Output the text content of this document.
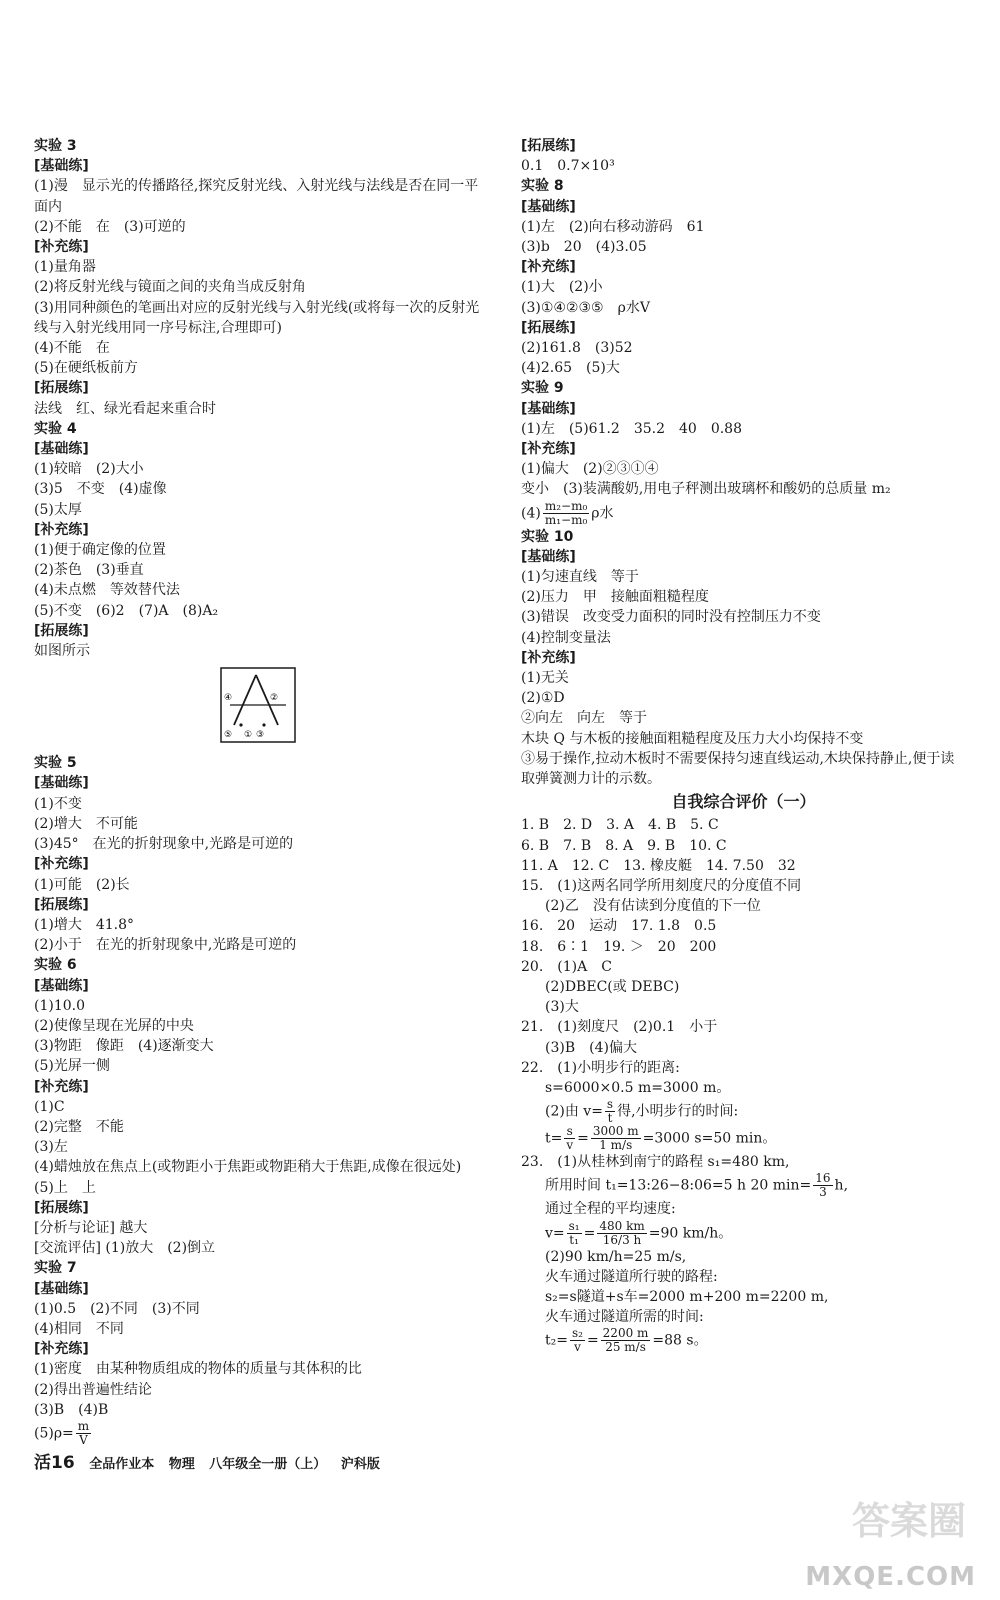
实验 3
[基础练]
(1)漫　显示光的传播路径,探究反射光线、入射光线与法线是否在同一平面内
(2)不能　在　(3)可逆的
[补充练]
(1)量角器
(2)将反射光线与镜面之间的夹角当成反射角
(3)用同种颜色的笔画出对应的反射光线与入射光线(或将每一次的反射光线与入射光线用同一序号标注,合理即可)
(4)不能　在
(5)在硬纸板前方
[拓展练]
法线　红、绿光看起来重合时
实验 4
[基础练]
(1)较暗　(2)大小
(3)5　不变　(4)虚像
(5)太厚
[补充练]
(1)便于确定像的位置
(2)茶色　(3)垂直
(4)未点燃　等效替代法
(5)不变　(6)2　(7)A　(8)A₂
[拓展练]
如图所示
④	②
⑤ ① ③
实验 5
[基础练]
(1)不变
(2)增大　不可能
(3)45°　在光的折射现象中,光路是可逆的
[补充练]
(1)可能　(2)长
[拓展练]
(1)增大　41.8°
(2)小于　在光的折射现象中,光路是可逆的
实验 6
[基础练]
(1)10.0
(2)使像呈现在光屏的中央
(3)物距　像距　(4)逐渐变大
(5)光屏一侧
[补充练]
(1)C
(2)完整　不能
(3)左
(4)蜡烛放在焦点上(或物距小于焦距或物距稍大于焦距,成像在很远处)
(5)上　上
[拓展练]
[分析与论证] 越大
[交流评估] (1)放大　(2)倒立
实验 7
[基础练]
(1)0.5　(2)不同　(3)不同
(4)相同　不同
[补充练]
(1)密度　由某种物质组成的物体的质量与其体积的比
(2)得出普遍性结论
(3)B　(4)B
$(5)\rho= \frac{m}{V}$
[拓展练]
0.1　0.7×10³
实验 8
[基础练]
(1)左　(2)向右移动游码　61
(3)b　20　(4)3.05
[补充练]
(1)大　(2)小
(3)①④②③⑤　ρ水V
[拓展练]
(2)161.8　(3)52
(4)2.65　(5)大
实验 9
[基础练]
(1)左　(5)61.2　35.2　40　0.88
[补充练]
(1)偏大　(2)②③①④
变小　(3)装满酸奶,用电子秤测出玻璃杯和酸奶的总质量 m₂
$(4) \frac{\text{m₂−m₀}}{\text{m₁−m₀}}$ ρ水
实验 10
[基础练]
(1)匀速直线　等于
(2)压力　甲　接触面粗糙程度
(3)错误　改变受力面积的同时没有控制压力不变
(4)控制变量法
[补充练]
(1)无关
(2)①D
②向左　向左　等于
木块 Q 与木板的接触面粗糙程度及压力大小均保持不变
③易于操作,拉动木板时不需要保持匀速直线运动,木块保持静止,便于读取弹簧测力计的示数。
自我综合评价（一）
1. B　2. D　3. A　4. B　5. C
6. B　7. B　8. A　9. B　10. C
11. A　12. C　13. 橡皮艇　14. 7.50　32
15.　(1)这两名同学所用刻度尺的分度值不同
(2)乙　没有估读到分度值的下一位
16.　20　运动　17. 1.8　0.5
18.　6∶1　19. ＞　20　200
20.　(1)A　C
(2)DBEC(或 DEBC)
(3)大
21.　(1)刻度尺　(2)0.1　小于
(3)B　(4)偏大
22.　(1)小明步行的距离:
s=6000×0.5 m=3000 m。
(2)由 $v= \frac{s}{t}$ 得,小明步行的时间:
$t= \frac{s}{v} = \frac{3000 m}{1 m/s} =3000$ s=50 min。
23.　(1)从桂林到南宁的路程 s₁=480 km,
所用时间 t₁=13:26−8:06=5 h 20 $\min= \frac{16}{3} h$,
通过全程的平均速度:
$v= \frac{\text{s₁}}{\text{t₁}} = \frac{480 km}{16/3 h} =90$ km/h。
(2)90 km/h=25 m/s,
火车通过隧道所行驶的路程:
s₂=s隧道+s车=2000 m+200 m=2200 m,
火车通过隧道所需的时间:
$t_2= \frac{\text{s₂}}{v} = \frac{2200 m}{25 m/s} =88$ s。
活16 全品作业本 物理 八年级全一册（上） 沪科版
答案圈
MXQE.COM
